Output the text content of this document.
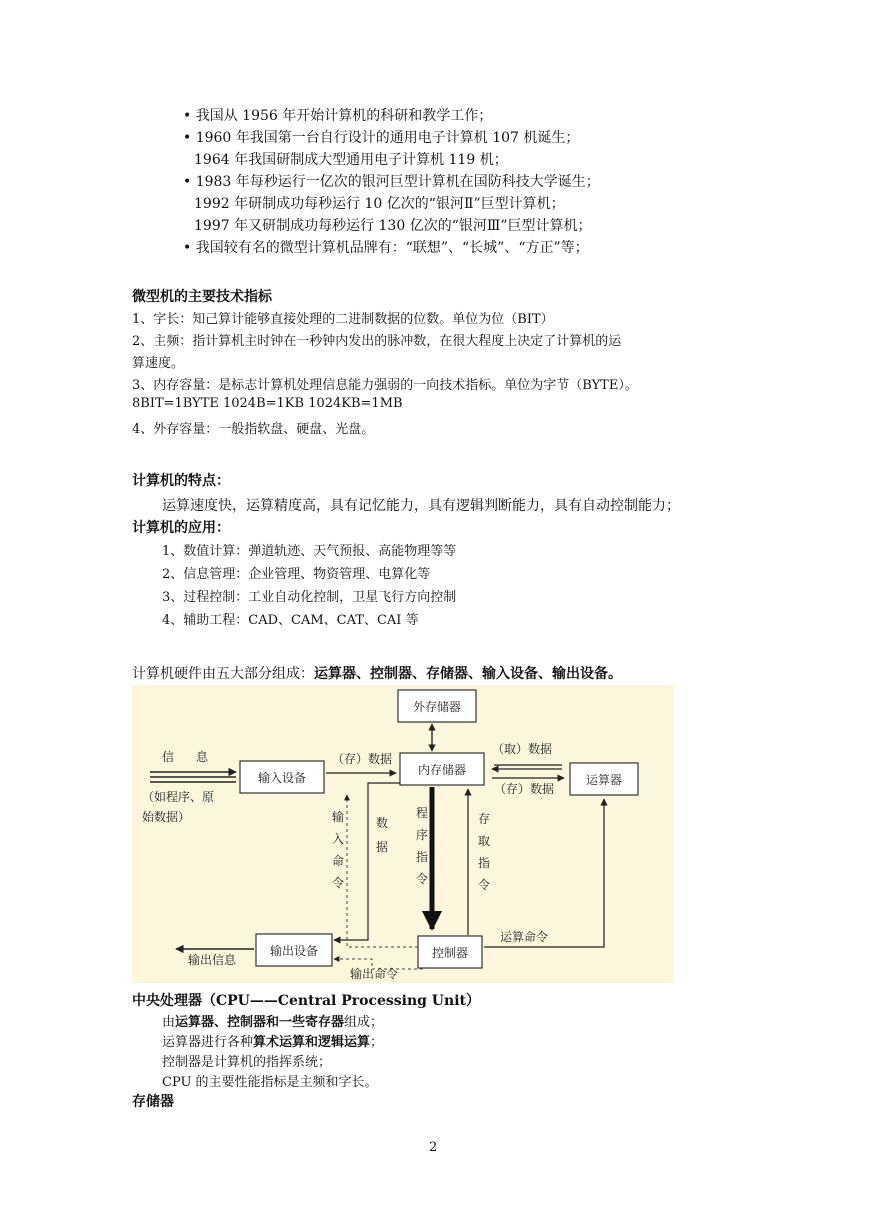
• 我国从 1956 年开始计算机的科研和教学工作；
• 1960 年我国第一台自行设计的通用电子计算机 107 机诞生；
1964 年我国研制成大型通用电子计算机 119 机；
• 1983 年每秒运行一亿次的银河巨型计算机在国防科技大学诞生；
1992 年研制成功每秒运行 10 亿次的“银河Ⅱ”巨型计算机；
1997 年又研制成功每秒运行 130 亿次的“银河Ⅲ”巨型计算机；
• 我国较有名的微型计算机品牌有：“联想”、“长城”、“方正”等；
微型机的主要技术指标
1、字长：知己算计能够直接处理的二进制数据的位数。单位为位（BIT）
2、主频：指计算机主时钟在一秒钟内发出的脉冲数，在很大程度上决定了计算机的运
算速度。
3、内存容量：是标志计算机处理信息能力强弱的一向技术指标。单位为字节（BYTE）。
8BIT=1BYTE 1024B=1KB 1024KB=1MB
4、外存容量：一般指软盘、硬盘、光盘。
计算机的特点：
运算速度快，运算精度高，具有记忆能力，具有逻辑判断能力，具有自动控制能力；
计算机的应用：
1、数值计算：弹道轨迹、天气预报、高能物理等等
2、信息管理：企业管理、物资管理、电算化等
3、过程控制：工业自动化控制，卫星飞行方向控制
4、辅助工程：CAD、CAM、CAT、CAI 等
计算机硬件由五大部分组成：运算器、控制器、存储器、输入设备、输出设备。
外存储器
输入设备
内存储器
运算器
输出设备	控制器
信 息
（如程序、原
始数据）
（存）数据
（取）数据
（存）数据
输出信息
输出命令
运算命令
输
入
命
令
数
据
程
序
指
令
存
取
指
令
中央处理器（CPU——Central Processing Unit）
由运算器、控制器和一些寄存器组成；
运算器进行各种算术运算和逻辑运算；
控制器是计算机的指挥系统；
CPU 的主要性能指标是主频和字长。
存储器
2
